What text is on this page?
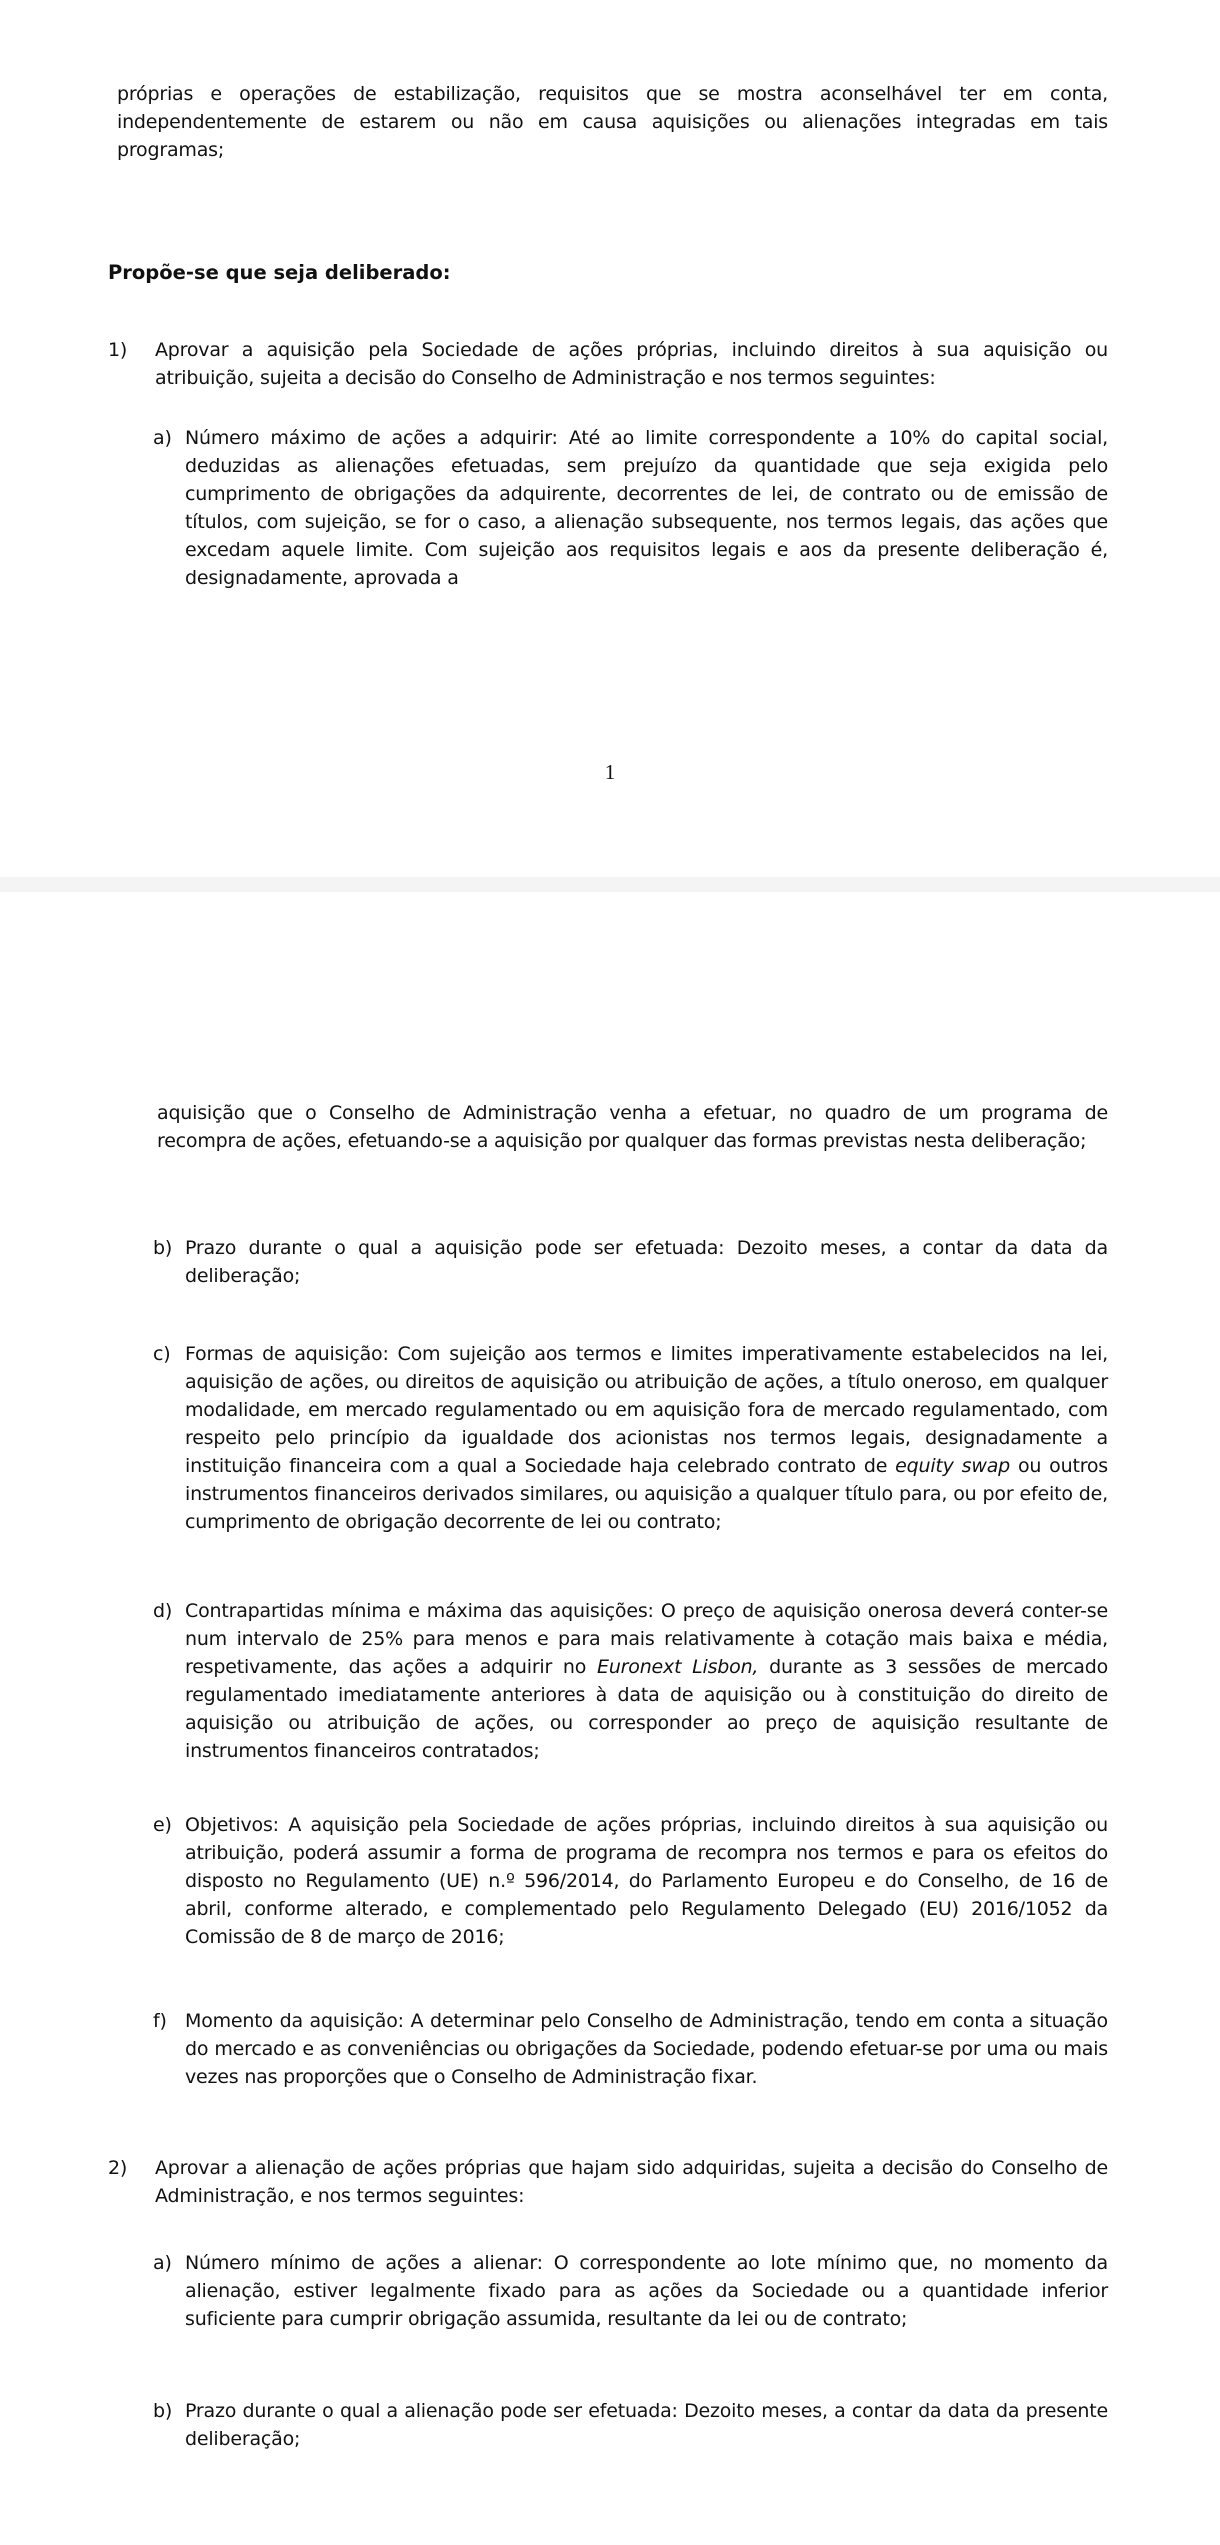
próprias e operações de estabilização, requisitos que se mostra aconselhável ter em conta, independentemente de estarem ou não em causa aquisições ou alienações integradas em tais programas;
Propõe-se que seja deliberado:
1) Aprovar a aquisição pela Sociedade de ações próprias, incluindo direitos à sua aquisição ou atribuição, sujeita a decisão do Conselho de Administração e nos termos seguintes:
a) Número máximo de ações a adquirir: Até ao limite correspondente a 10% do capital social, deduzidas as alienações efetuadas, sem prejuízo da quantidade que seja exigida pelo cumprimento de obrigações da adquirente, decorrentes de lei, de contrato ou de emissão de títulos, com sujeição, se for o caso, a alienação subsequente, nos termos legais, das ações que excedam aquele limite. Com sujeição aos requisitos legais e aos da presente deliberação é, designadamente, aprovada a
1
aquisição que o Conselho de Administração venha a efetuar, no quadro de um programa de recompra de ações, efetuando-se a aquisição por qualquer das formas previstas nesta deliberação;
b) Prazo durante o qual a aquisição pode ser efetuada: Dezoito meses, a contar da data da deliberação;
c) Formas de aquisição: Com sujeição aos termos e limites imperativamente estabelecidos na lei, aquisição de ações, ou direitos de aquisição ou atribuição de ações, a título oneroso, em qualquer modalidade, em mercado regulamentado ou em aquisição fora de mercado regulamentado, com respeito pelo princípio da igualdade dos acionistas nos termos legais, designadamente a instituição financeira com a qual a Sociedade haja celebrado contrato de equity swap ou outros instrumentos financeiros derivados similares, ou aquisição a qualquer título para, ou por efeito de, cumprimento de obrigação decorrente de lei ou contrato;
d) Contrapartidas mínima e máxima das aquisições: O preço de aquisição onerosa deverá conter-se num intervalo de 25% para menos e para mais relativamente à cotação mais baixa e média, respetivamente, das ações a adquirir no Euronext Lisbon, durante as 3 sessões de mercado regulamentado imediatamente anteriores à data de aquisição ou à constituição do direito de aquisição ou atribuição de ações, ou corresponder ao preço de aquisição resultante de instrumentos financeiros contratados;
e) Objetivos: A aquisição pela Sociedade de ações próprias, incluindo direitos à sua aquisição ou atribuição, poderá assumir a forma de programa de recompra nos termos e para os efeitos do disposto no Regulamento (UE) n.º 596/2014, do Parlamento Europeu e do Conselho, de 16 de abril, conforme alterado, e complementado pelo Regulamento Delegado (EU) 2016/1052 da Comissão de 8 de março de 2016;
f) Momento da aquisição: A determinar pelo Conselho de Administração, tendo em conta a situação do mercado e as conveniências ou obrigações da Sociedade, podendo efetuar-se por uma ou mais vezes nas proporções que o Conselho de Administração fixar.
2) Aprovar a alienação de ações próprias que hajam sido adquiridas, sujeita a decisão do Conselho de Administração, e nos termos seguintes:
a) Número mínimo de ações a alienar: O correspondente ao lote mínimo que, no momento da alienação, estiver legalmente fixado para as ações da Sociedade ou a quantidade inferior suficiente para cumprir obrigação assumida, resultante da lei ou de contrato;
b) Prazo durante o qual a alienação pode ser efetuada: Dezoito meses, a contar da data da presente deliberação;
